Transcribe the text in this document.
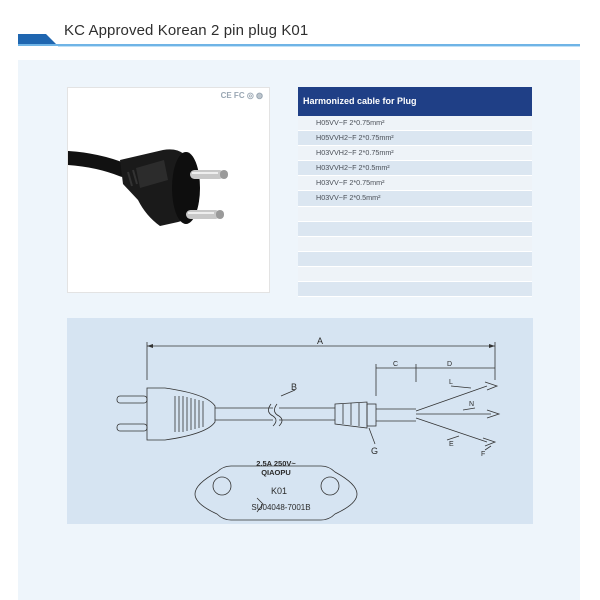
KC Approved Korean 2 pin plug K01
CE FC ◎ ◍
Harmonized cable for Plug
H05VV~F 2*0.75mm²
H05VVH2~F 2*0.75mm²
H03VVH2~F 2*0.75mm²
H03VVH2~F 2*0.5mm²
H03VV~F 2*0.75mm²
H03VV~F 2*0.5mm²
A
B
C	D
G
L
N
E
F
2.5A 250V~
QIAOPU
K01
SU04048-7001B
